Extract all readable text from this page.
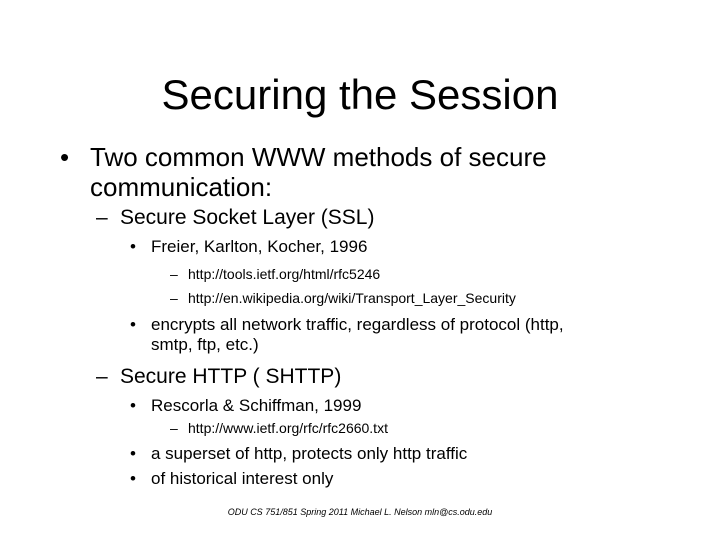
Securing the Session
• Two common WWW methods of secure
communication:
– Secure Socket Layer (SSL)
• Freier, Karlton, Kocher, 1996
– http://tools.ietf.org/html/rfc5246
– http://en.wikipedia.org/wiki/Transport_Layer_Security
• encrypts all network traffic, regardless of protocol (http,
smtp, ftp, etc.)
– Secure HTTP ( SHTTP)
• Rescorla & Schiffman, 1999
– http://www.ietf.org/rfc/rfc2660.txt
• a superset of http, protects only http traffic
• of historical interest only
ODU CS 751/851 Spring 2011 Michael L. Nelson mln@cs.odu.edu
